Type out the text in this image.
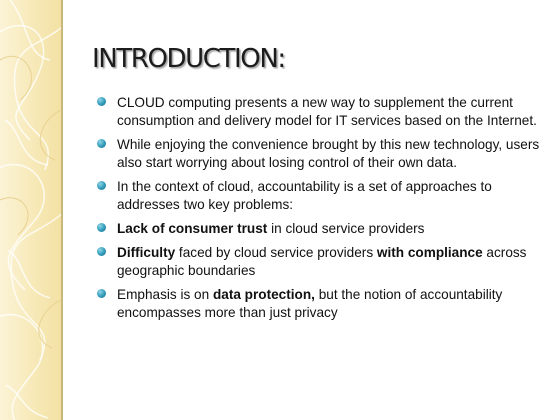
INTRODUCTION:
CLOUD computing presents a new way to supplement the current consumption and delivery model for IT services based on the Internet.
While enjoying the convenience brought by this new technology, users also start worrying about losing control of their own data.
In the context of cloud, accountability is a set of approaches to addresses two key problems:
Lack of consumer trust in cloud service providers
Difficulty faced by cloud service providers with compliance across geographic boundaries
Emphasis is on data protection, but the notion of accountability encompasses more than just privacy
